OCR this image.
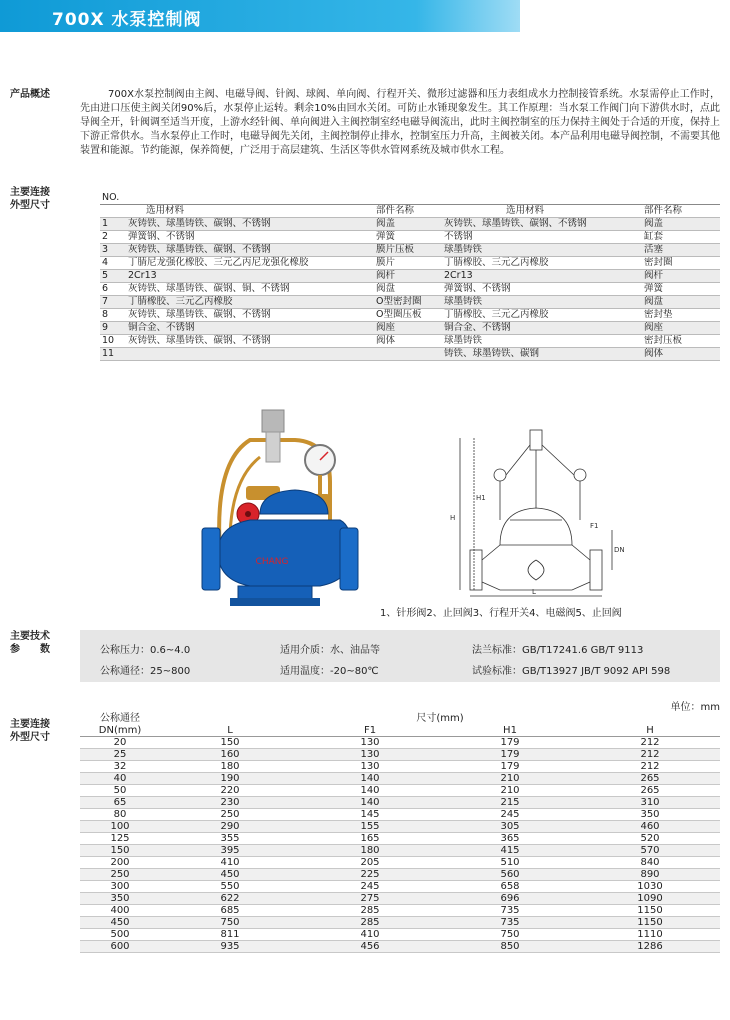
700X 水泵控制阀
产品概述	700X水泵控制阀由主阀、电磁导阀、针阀、球阀、单向阀、行程开关、微形过滤器和压力表组成水力控制接管系统。水泵需停止工作时，先由进口压使主阀关闭90%后，水泵停止运转。剩余10%由回水关闭。可防止水锤现象发生。其工作原理：当水泵工作阀门向下游供水时，点此导阀全开，针阀调至适当开度，上游水经针阀、单向阀进入主阀控制室经电磁导阀流出，此时主阀控制室的压力保持主阀处于合适的开度，保持上下游正常供水。当水泵停止工作时，电磁导阀先关闭，主阀控制停止排水，控制室压力升高，主阀被关闭。本产品利用电磁导阀控制，不需要其他装置和能源。节约能源，保养简便，广泛用于高层建筑、生活区等供水管网系统及城市供水工程。

主要连接
外型尺寸
NO.				
	选用材料	部件名称	选用材料	部件名称
1	灰铸铁、球墨铸铁、碳钢、不锈钢	阀盖	灰铸铁、球墨铸铁、碳钢、不锈钢	阀盖
2	弹簧钢、不锈钢	弹簧	不锈钢	缸套
3	灰铸铁、球墨铸铁、碳钢、不锈钢	膜片压板	球墨铸铁	活塞
4	丁腈尼龙强化橡胶、三元乙丙尼龙强化橡胶	膜片	丁腈橡胶、三元乙丙橡胶	密封圈
5	2Cr13	阀杆	2Cr13	阀杆
6	灰铸铁、球墨铸铁、碳钢、铜、不锈钢	阀盘	弹簧钢、不锈钢	弹簧
7	丁腈橡胶、三元乙丙橡胶	O型密封圈	球墨铸铁	阀盘
8	灰铸铁、球墨铸铁、碳钢、不锈钢	O型圈压板	丁腈橡胶、三元乙丙橡胶	密封垫
9	铜合金、不锈钢	阀座	铜合金、不锈钢	阀座
10	灰铸铁、球墨铸铁、碳钢、不锈钢	阀体	球墨铸铁	密封压板
11			铸铁、球墨铸铁、碳钢	阀体
CHANG
H
H1
F1
DN
L
1、针形阀2、止回阀3、行程开关4、电磁阀5、止回阀
主要技术
参　　数	公称压力：0.6~4.0	适用介质：水、油品等	法兰标准：GB/T17241.6 GB/T 9113
公称通径：25~800	适用温度：-20~80℃	试验标准：GB/T13927 JB/T 9092 API 598
单位：mm
主要连接
外型尺寸
公称通径	尺寸(mm)			
DN(mm)	L	F1	H1	H
20	150	130	179	212
25	160	130	179	212
32	180	130	179	212
40	190	140	210	265
50	220	140	210	265
65	230	140	215	310
80	250	145	245	350
100	290	155	305	460
125	355	165	365	520
150	395	180	415	570
200	410	205	510	840
250	450	225	560	890
300	550	245	658	1030
350	622	275	696	1090
400	685	285	735	1150
450	750	285	735	1150
500	811	410	750	1110
600	935	456	850	1286
